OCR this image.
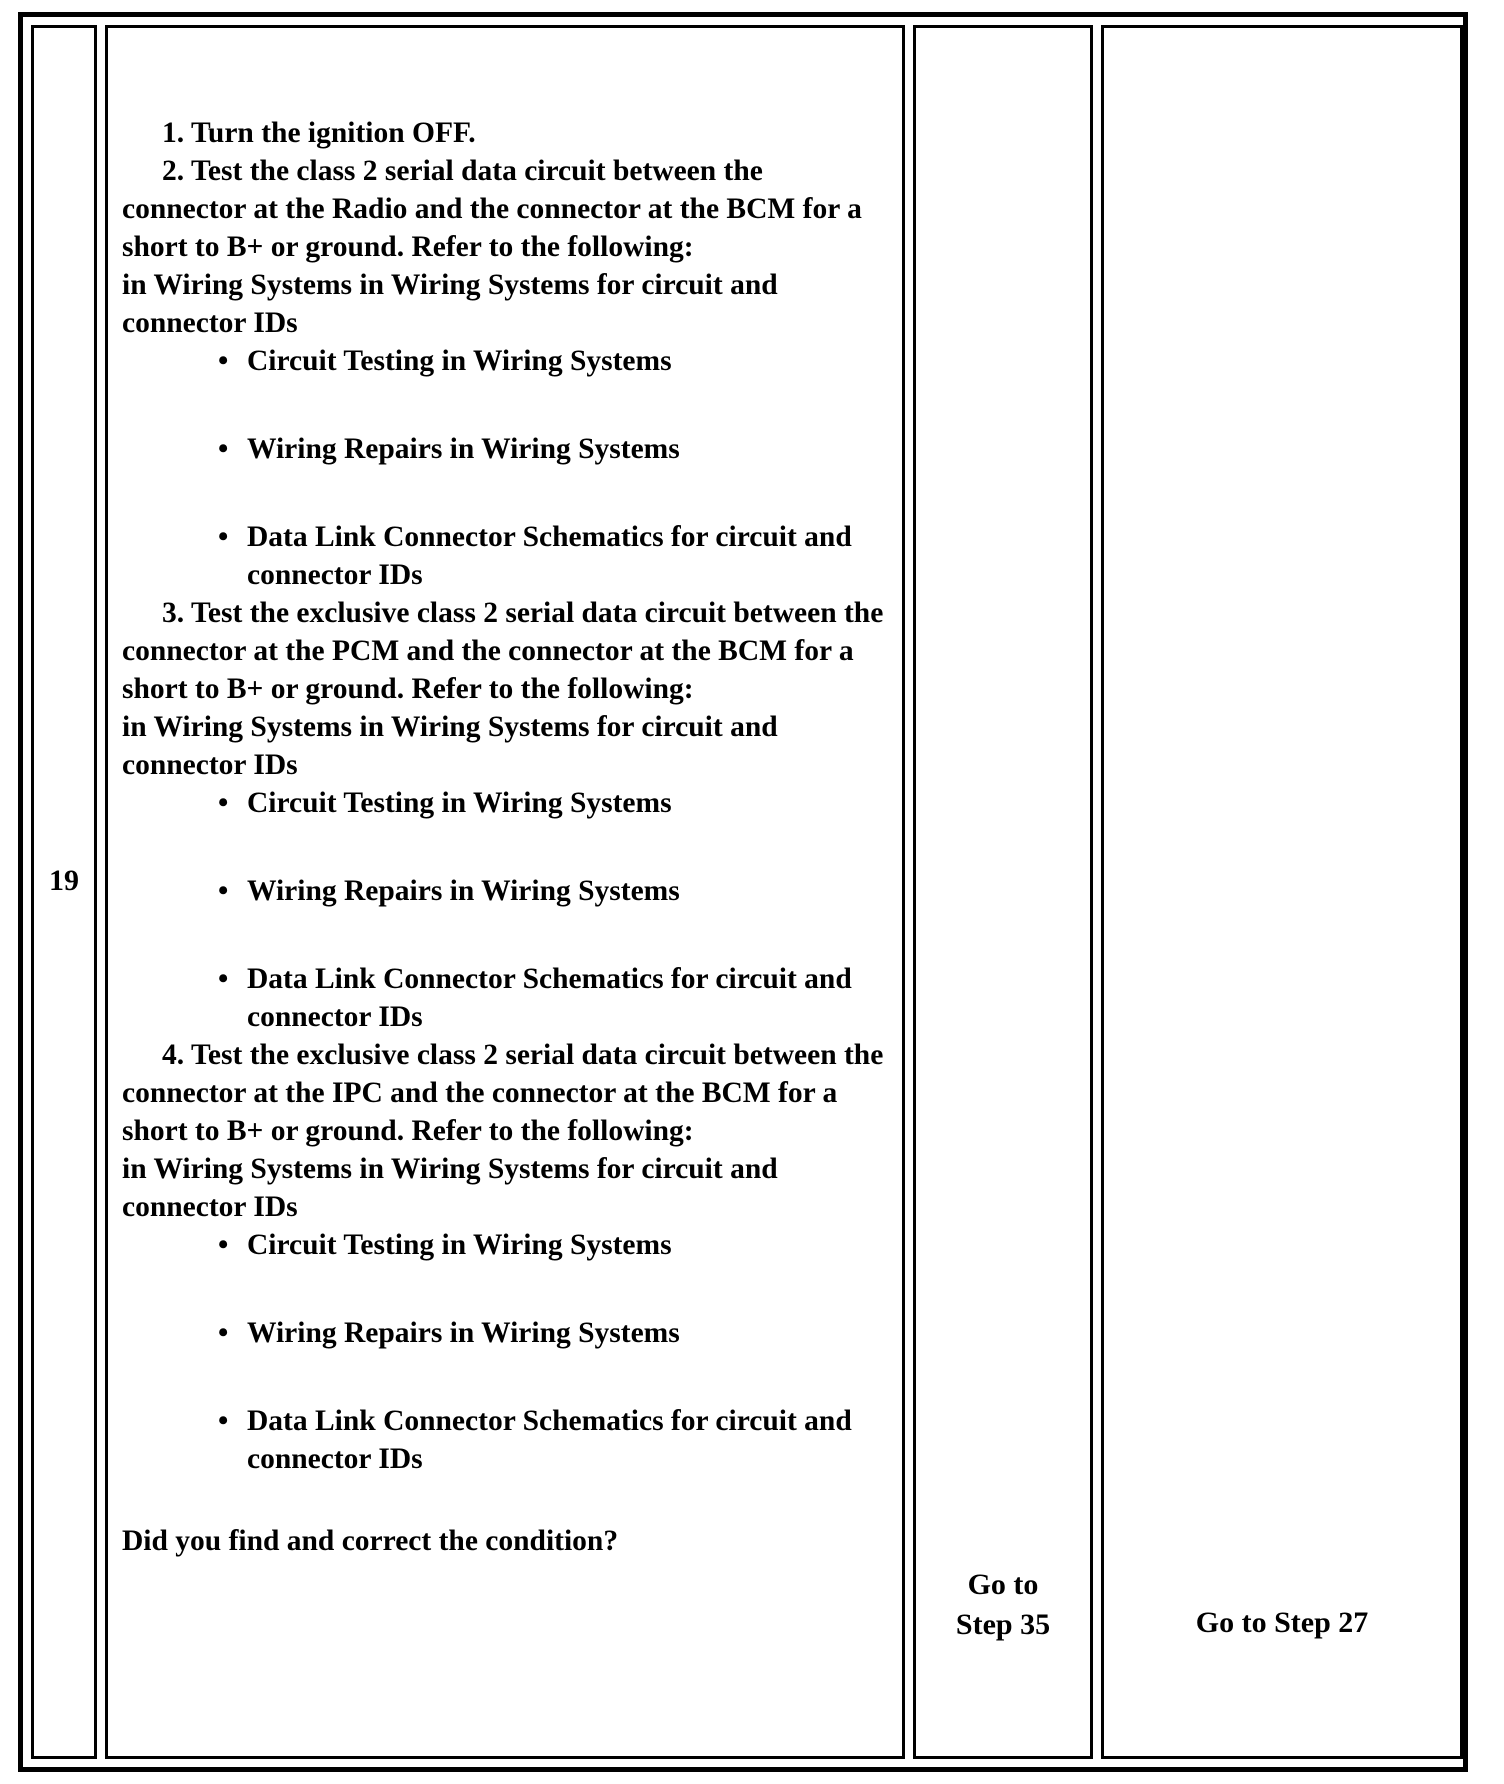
19

1. Turn the ignition OFF.

2. Test the class 2 serial data circuit between the connector at the Radio and the connector at the BCM for a short to B+ or ground. Refer to the following:

in Wiring Systems in Wiring Systems for circuit and connector IDs

• Circuit Testing in Wiring Systems
• Wiring Repairs in Wiring Systems
• Data Link Connector Schematics for circuit and connector IDs

3. Test the exclusive class 2 serial data circuit between the connector at the PCM and the connector at the BCM for a short to B+ or ground. Refer to the following:

in Wiring Systems in Wiring Systems for circuit and connector IDs

• Circuit Testing in Wiring Systems
• Wiring Repairs in Wiring Systems
• Data Link Connector Schematics for circuit and connector IDs

4. Test the exclusive class 2 serial data circuit between the connector at the IPC and the connector at the BCM for a short to B+ or ground. Refer to the following:

in Wiring Systems in Wiring Systems for circuit and connector IDs

• Circuit Testing in Wiring Systems
• Wiring Repairs in Wiring Systems
• Data Link Connector Schematics for circuit and connector IDs

Did you find and correct the condition?

Go to
Step 35	Go to Step 27
